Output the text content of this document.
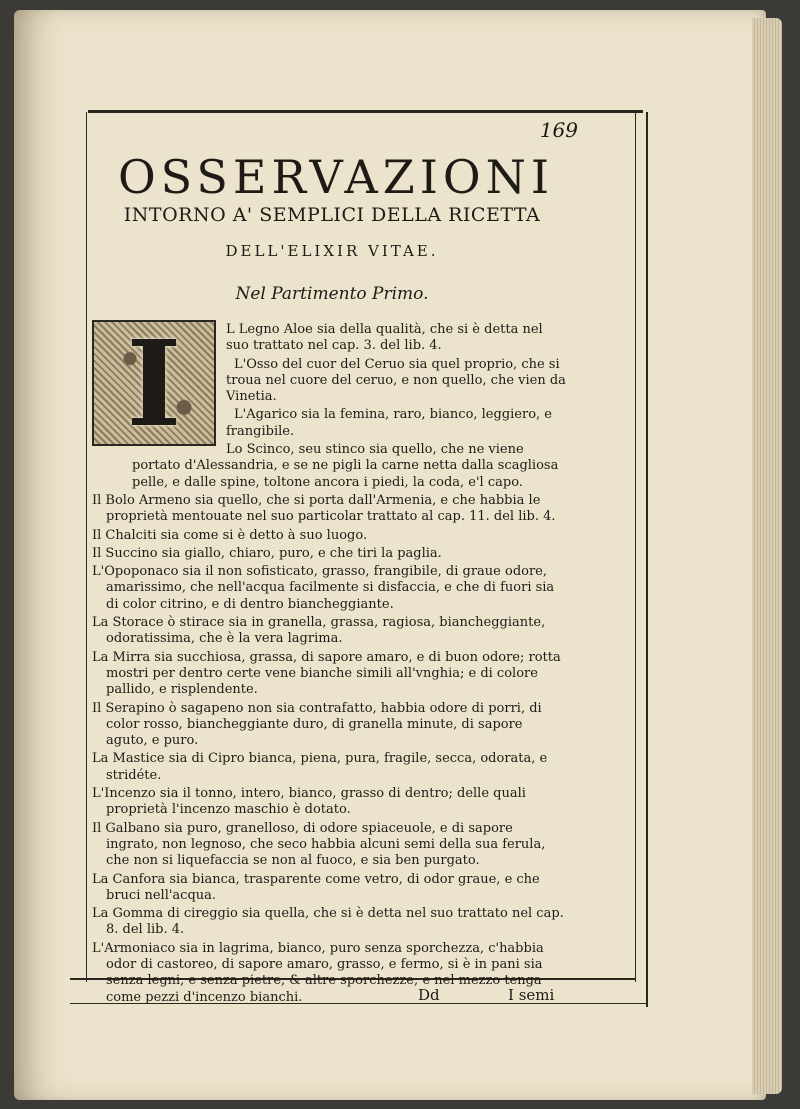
169
OSSERVAZIONI
INTORNO A' SEMPLICI DELLA RICETTA
DELL'ELIXIR VITAE.
Nel Partimento Primo.
I	L Legno Aloe sia della qualità, che si è detta nel suo trattato nel cap. 3. del lib. 4.

L'Osso del cuor del Ceruo sia quel proprio, che si troua nel cuore del ceruo, e non quello, che vien da Vinetia.

L'Agarico sia la femina, raro, bianco, leggiero, e frangibile.

Lo Scinco, seu stinco sia quello, che ne viene portato d'Alessandria, e se ne pigli la carne netta dalla scagliosa pelle, e dalle spine, toltone ancora i piedi, la coda, e'l capo.

Il Bolo Armeno sia quello, che si porta dall'Armenia, e che habbia le proprietà mentouate nel suo particolar trattato al cap. 11. del lib. 4.

Il Chalciti sia come si è detto à suo luogo.

Il Succino sia giallo, chiaro, puro, e che tiri la paglia.

L'Opoponaco sia il non sofisticato, grasso, frangibile, di graue odore, amarissimo, che nell'acqua facilmente si disfaccia, e che di fuori sia di color citrino, e di dentro biancheggiante.

La Storace ò stirace sia in granella, grassa, ragiosa, biancheggiante, odoratissima, che è la vera lagrima.

La Mirra sia succhiosa, grassa, di sapore amaro, e di buon odore; rotta mostri per dentro certe vene bianche simili all'vnghia; e di colore pallido, e risplendente.

Il Serapino ò sagapeno non sia contrafatto, habbia odore di porri, di color rosso, biancheggiante duro, di granella minute, di sapore aguto, e puro.

La Mastice sia di Cipro bianca, piena, pura, fragile, secca, odorata, e stridéte.

L'Incenzo sia il tonno, intero, bianco, grasso di dentro; delle quali proprietà l'incenzo maschio è dotato.

Il Galbano sia puro, granelloso, di odore spiaceuole, e di sapore ingrato, non legnoso, che seco habbia alcuni semi della sua ferula, che non si liquefaccia se non al fuoco, e sia ben purgato.

La Canfora sia bianca, trasparente come vetro, di odor graue, e che bruci nell'acqua.

La Gomma di cireggio sia quella, che si è detta nel suo trattato nel cap. 8. del lib. 4.

L'Armoniaco sia in lagrima, bianco, puro senza sporchezza, c'habbia odor di castoreo, di sapore amaro, grasso, e fermo, si è in pani sia senza legni, e senza pietre, & altre sporchezze; e nel mezzo tenga come pezzi d'incenzo bianchi.	Dd	I semi
